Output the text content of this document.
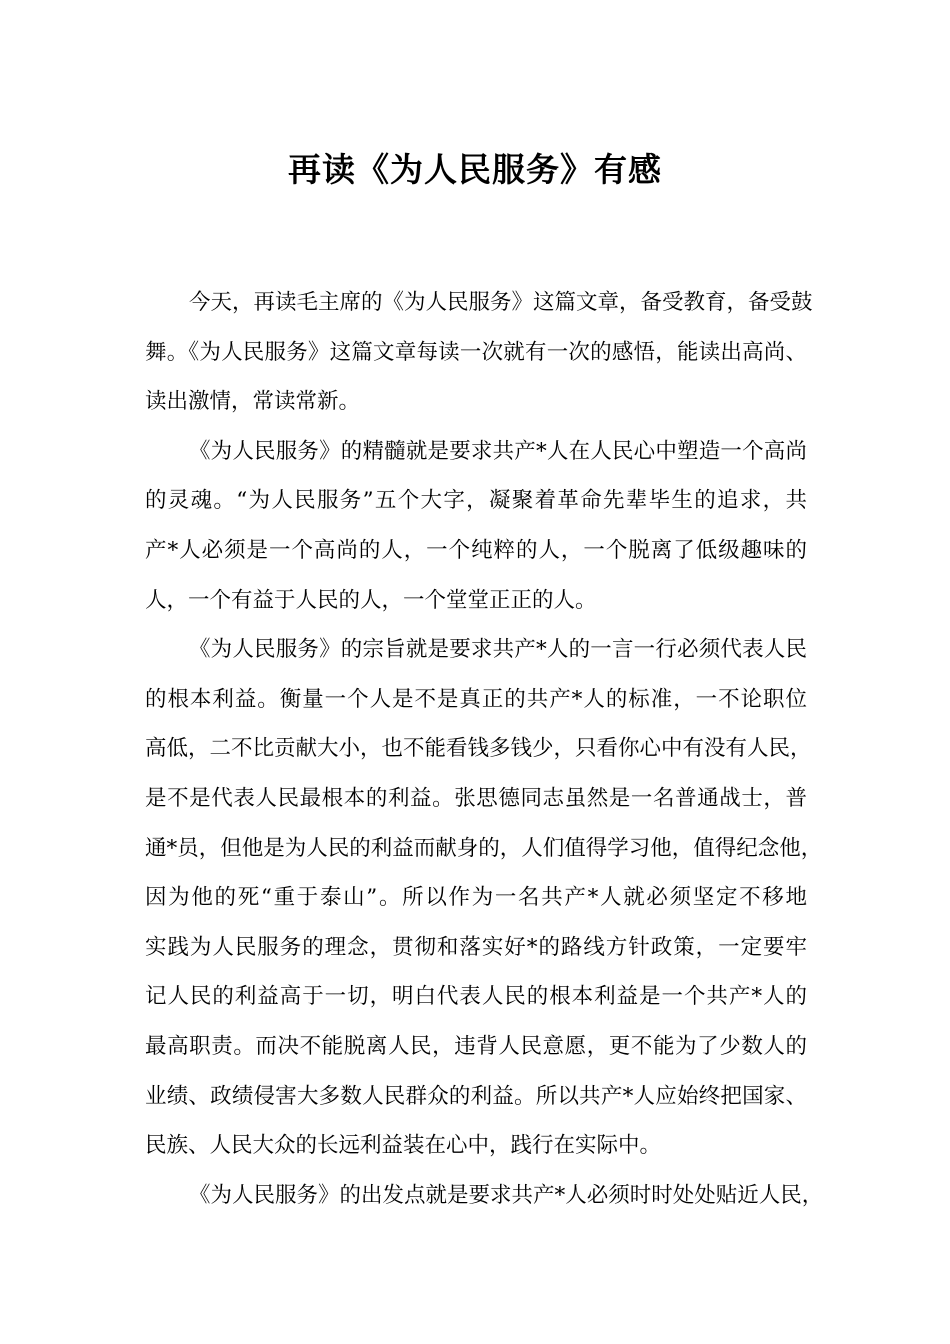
再读《为人民服务》有感
今天，再读毛主席的《为人民服务》这篇文章，备受教育，备受鼓
舞。《为人民服务》这篇文章每读一次就有一次的感悟，能读出高尚、
读出激情，常读常新。
《为人民服务》的精髓就是要求共产*人在人民心中塑造一个高尚
的灵魂。“为人民服务”五个大字，凝聚着革命先辈毕生的追求，共
产*人必须是一个高尚的人，一个纯粹的人，一个脱离了低级趣味的
人，一个有益于人民的人，一个堂堂正正的人。
《为人民服务》的宗旨就是要求共产*人的一言一行必须代表人民
的根本利益。衡量一个人是不是真正的共产*人的标准，一不论职位
高低，二不比贡献大小，也不能看钱多钱少，只看你心中有没有人民，
是不是代表人民最根本的利益。张思德同志虽然是一名普通战士，普
通*员，但他是为人民的利益而献身的，人们值得学习他，值得纪念他，
因为他的死“重于泰山”。所以作为一名共产*人就必须坚定不移地
实践为人民服务的理念，贯彻和落实好*的路线方针政策，一定要牢
记人民的利益高于一切，明白代表人民的根本利益是一个共产*人的
最高职责。而决不能脱离人民，违背人民意愿，更不能为了少数人的
业绩、政绩侵害大多数人民群众的利益。所以共产*人应始终把国家、
民族、人民大众的长远利益装在心中，践行在实际中。
《为人民服务》的出发点就是要求共产*人必须时时处处贴近人民，
